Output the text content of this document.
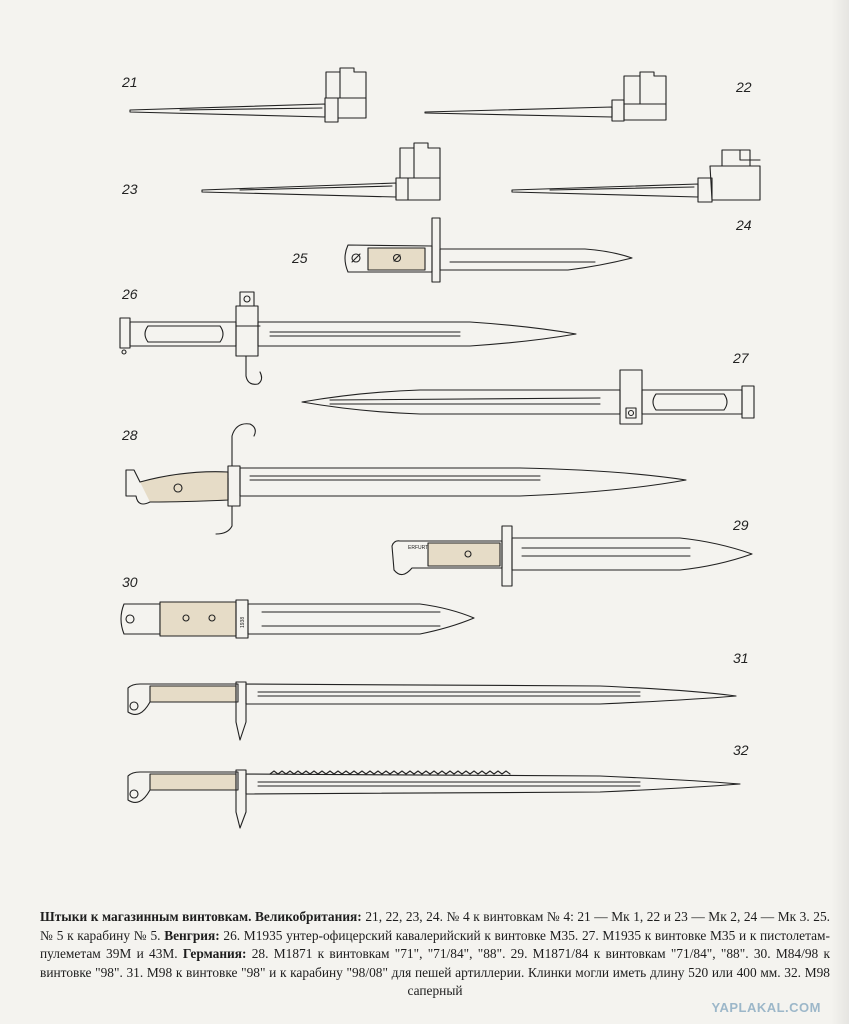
21	22
23
24
25
26
27
28
29
30
31
32
ERFURT
1938
Штыки к магазинным винтовкам. Великобритания: 21, 22, 23, 24. № 4 к винтовкам № 4: 21 — Мк 1, 22 и 23 — Мк 2, 24 — Мк 3. 25. № 5 к карабину № 5. Венгрия: 26. М1935 унтер-офицерский кавалерийский к винтовке М35. 27. М1935 к винтовке М35 и к пистолетам-пулеметам 39М и 43М. Германия: 28. M1871 к винтовкам "71", "71/84", "88". 29. M1871/84 к винтовкам "71/84", "88". 30. М84/98 к винтовке "98". 31. М98 к винтовке "98" и к карабину "98/08" для пешей артиллерии. Клинки могли иметь длину 520 или 400 мм. 32. М98 саперный
YAPLAKAL.COM
